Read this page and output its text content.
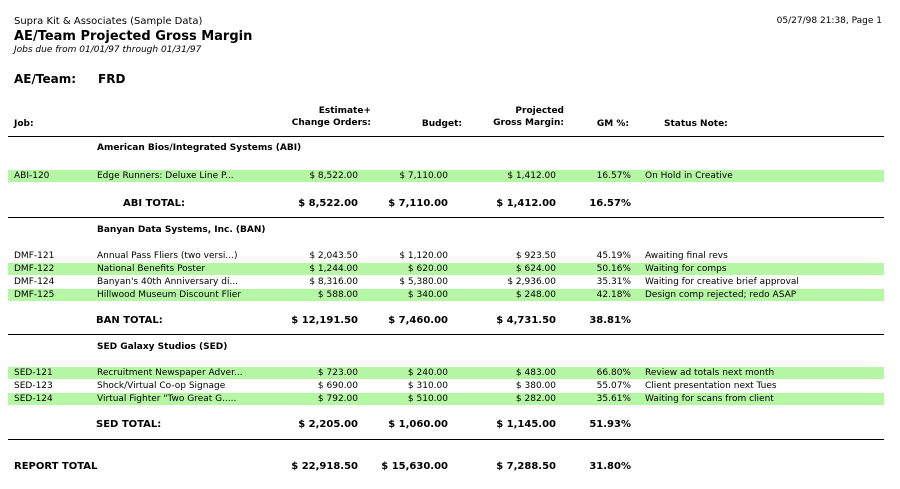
Supra Kit & Associates (Sample Data)
AE/Team Projected Gross Margin
Jobs due from 01/01/97 through 01/31/97
05/27/98 21:38, Page 1
AE/Team: FRD
Job:
Estimate+
Change Orders:	Budget:
Projected
Gross Margin:	GM %:	Status Note:
American Bios/Integrated Systems (ABI)
ABI-120	Edge Runners: Deluxe Line P...	$ 8,522.00	$ 7,110.00	$ 1,412.00	16.57% On Hold in Creative
ABI TOTAL:	$ 8,522.00	$ 7,110.00	$ 1,412.00	16.57%
Banyan Data Systems, Inc. (BAN)
DMF-121	Annual Pass Fliers (two versi...)	$ 2,043.50	$ 1,120.00	$ 923.50	45.19% Awaiting final revs
DMF-122	National Benefits Poster	$ 1,244.00	$ 620.00	$ 624.00	50.16% Waiting for comps
DMF-124	Banyan's 40th Anniversary di...	$ 8,316.00	$ 5,380.00	$ 2,936.00	35.31% Waiting for creative brief approval
DMF-125	Hillwood Museum Discount Flier	$ 588.00	$ 340.00	$ 248.00	42.18% Design comp rejected; redo ASAP
BAN TOTAL:	$ 12,191.50	$ 7,460.00	$ 4,731.50	38.81%
SED Galaxy Studios (SED)
SED-121	Recruitment Newspaper Adver...	$ 723.00	$ 240.00	$ 483.00	66.80% Review ad totals next month
SED-123	Shock/Virtual Co-op Signage	$ 690.00	$ 310.00	$ 380.00	55.07% Client presentation next Tues
SED-124	Virtual Fighter "Two Great G.....	$ 792.00	$ 510.00	$ 282.00	35.61% Waiting for scans from client
SED TOTAL:	$ 2,205.00	$ 1,060.00	$ 1,145.00	51.93%
REPORT TOTAL	$ 22,918.50 $ 15,630.00	$ 7,288.50	31.80%
